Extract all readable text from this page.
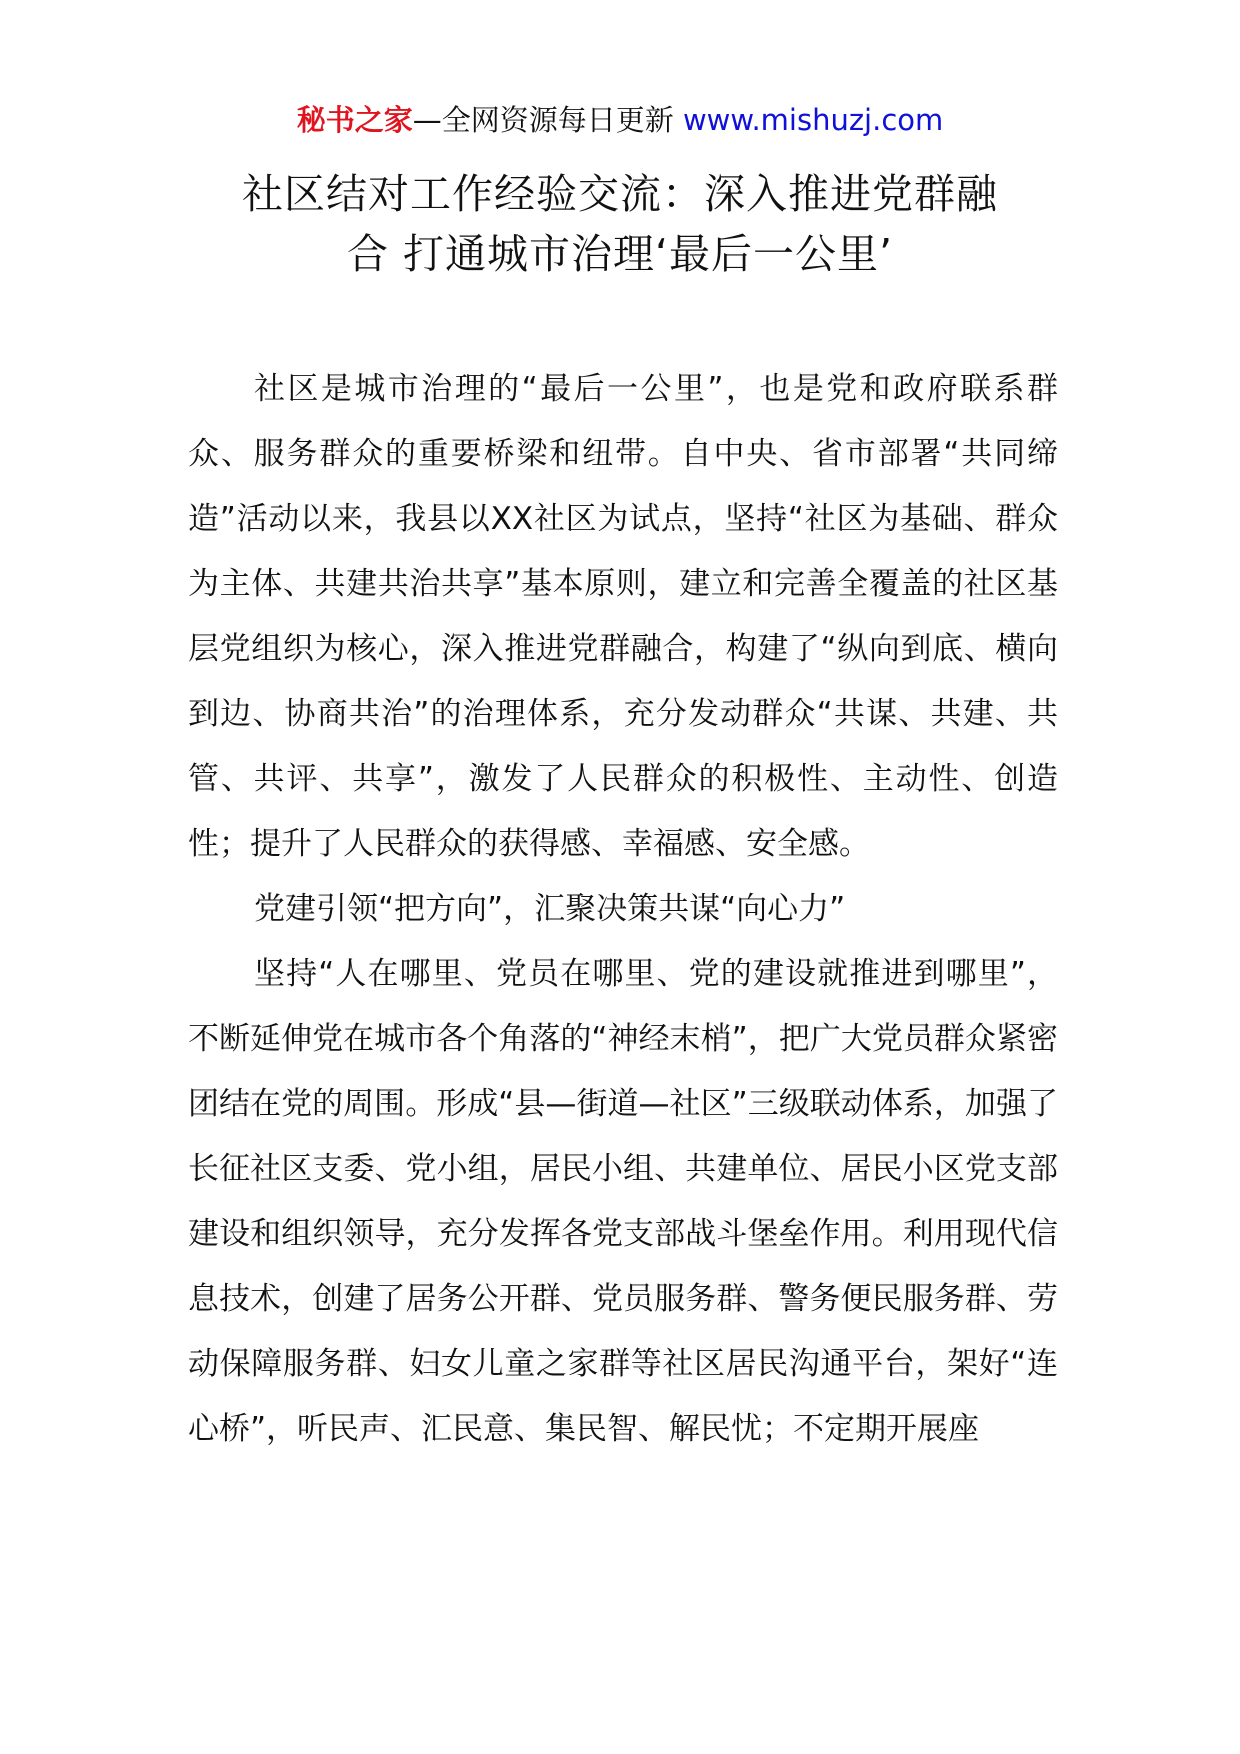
秘书之家—全网资源每日更新 www.mishuzj.com
社区结对工作经验交流：深入推进党群融
合 打通城市治理‘最后一公里’

社区是城市治理的“最后一公里”，也是党和政府联系群众、服务群众的重要桥梁和纽带。自中央、省市部署“共同缔造”活动以来，我县以XX社区为试点，坚持“社区为基础、群众为主体、共建共治共享”基本原则，建立和完善全覆盖的社区基层党组织为核心，深入推进党群融合，构建了“纵向到底、横向到边、协商共治”的治理体系，充分发动群众“共谋、共建、共管、共评、共享”，激发了人民群众的积极性、主动性、创造性；提升了人民群众的获得感、幸福感、安全感。

党建引领“把方向”，汇聚决策共谋“向心力”

坚持“人在哪里、党员在哪里、党的建设就推进到哪里”，不断延伸党在城市各个角落的“神经末梢”，把广大党员群众紧密团结在党的周围。形成“县—街道—社区”三级联动体系，加强了长征社区支委、党小组，居民小组、共建单位、居民小区党支部建设和组织领导，充分发挥各党支部战斗堡垒作用。利用现代信息技术，创建了居务公开群、党员服务群、警务便民服务群、劳动保障服务群、妇女儿童之家群等社区居民沟通平台，架好“连心桥”，听民声、汇民意、集民智、解民忧；不定期开展座
